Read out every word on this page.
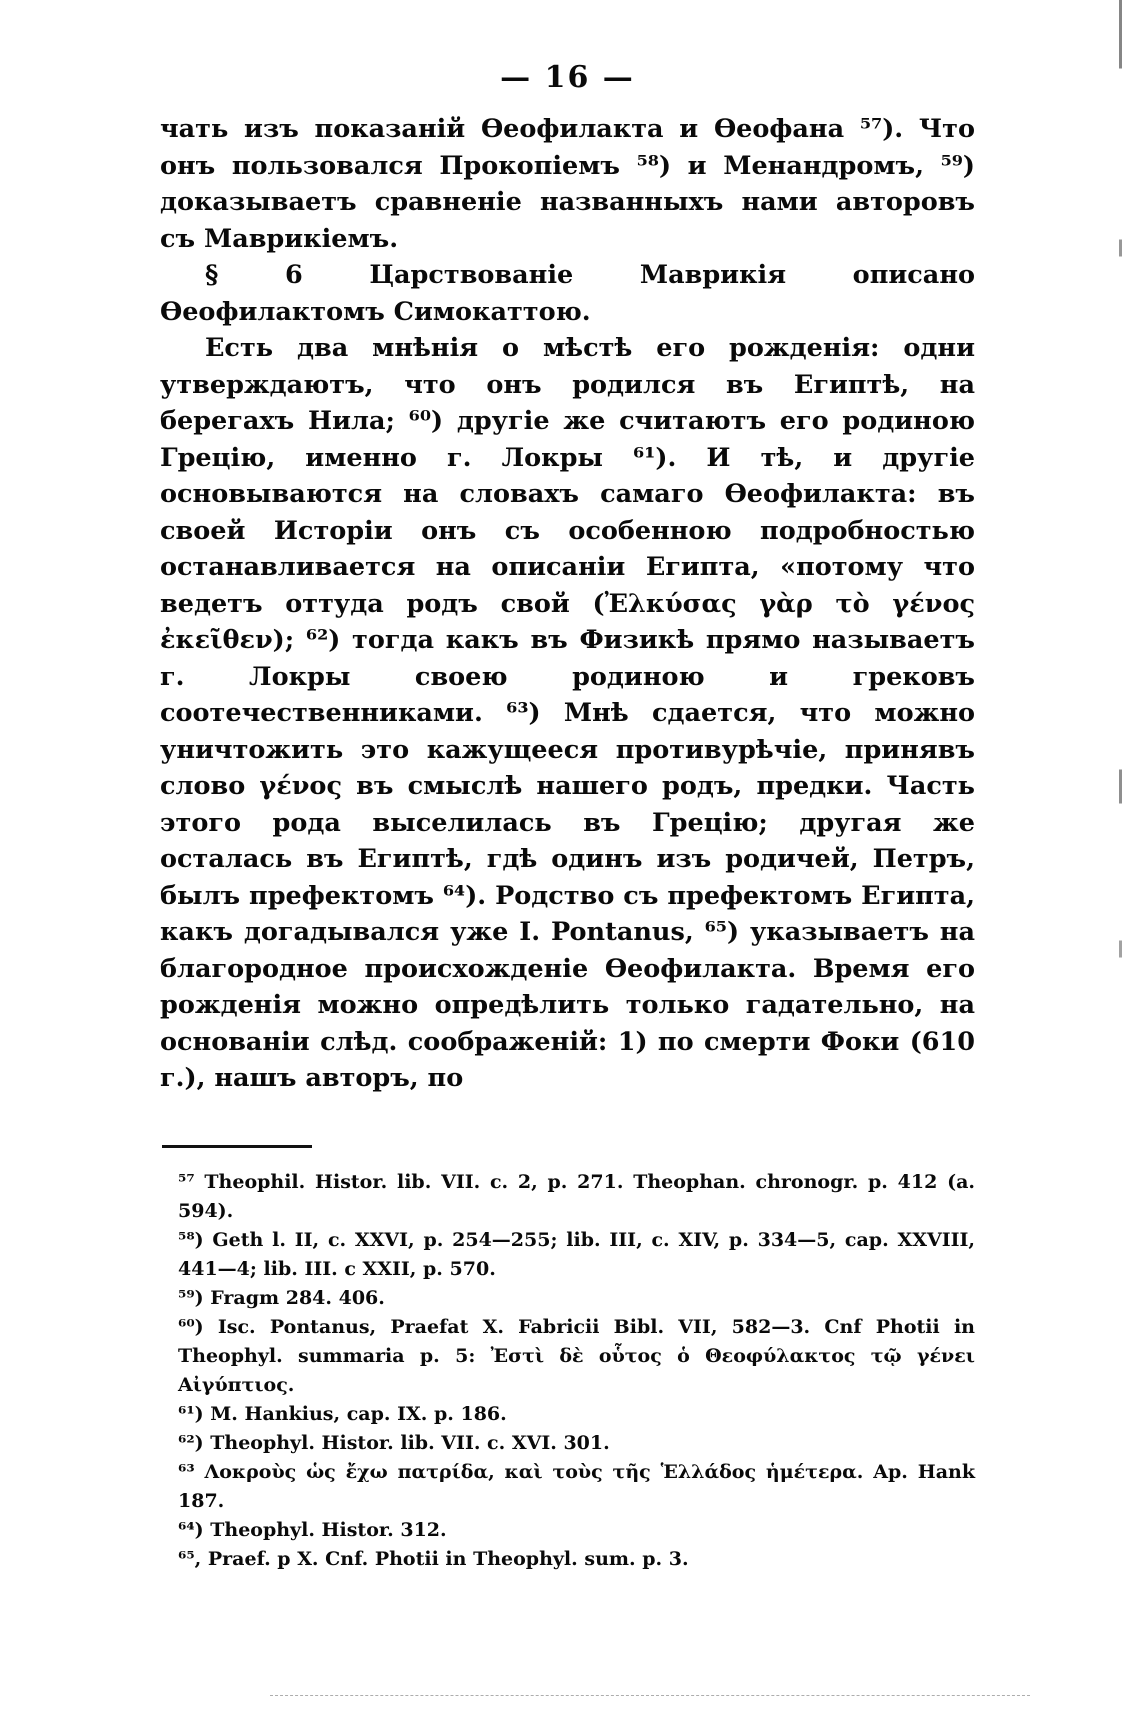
— 16 —

чать изъ показаній Ѳеофилакта и Ѳеофана ⁵⁷). Что онъ пользовался Прокопіемъ ⁵⁸) и Менандромъ, ⁵⁹) доказываетъ сравненіе названныхъ нами авторовъ съ Маврикіемъ.

§ 6 Царствованіе Маврикія описано Ѳеофилактомъ Симокаттою.

Есть два мнѣнія о мѣстѣ его рожденія: одни утверждаютъ, что онъ родился въ Египтѣ, на берегахъ Нила; ⁶⁰) другіе же считаютъ его родиною Грецію, именно г. Локры ⁶¹). И тѣ, и другіе основываются на словахъ самаго Ѳеофилакта: въ своей Исторіи онъ съ особенною подробностью останавливается на описаніи Египта, «потому что ведетъ оттуда родъ свой (Ἐλκύσας γὰρ τὸ γένος ἐκεῖθεν); ⁶²) тогда какъ въ Физикѣ прямо называетъ г. Локры своею родиною и грековъ соотечественниками. ⁶³) Мнѣ сдается, что можно уничтожить это кажущееся противурѣчіе, принявъ слово γένος въ смыслѣ нашего родъ, предки. Часть этого рода выселилась въ Грецію; другая же осталась въ Египтѣ, гдѣ одинъ изъ родичей, Петръ, былъ префектомъ ⁶⁴). Родство съ префектомъ Египта, какъ догадывался уже I. Pontanus, ⁶⁵) указываетъ на благородное происхожденіе Ѳеофилакта. Время его рожденія можно опредѣлить только гадательно, на основаніи слѣд. соображеній: 1) по смерти Фоки (610 г.), нашъ авторъ, по

⁵⁷ Theophil. Histor. lib. VII. c. 2, p. 271. Theophan. chronogr. p. 412 (a. 594).

⁵⁸) Geth l. II, c. XXVI, p. 254—255; lib. III, c. XIV, p. 334—5, cap. XXVIII, 441—4; lib. III. c XXII, p. 570.

⁵⁹) Fragm 284. 406.

⁶⁰) Isc. Pontanus, Praefat X. Fabricii Bibl. VII, 582—3. Cnf Photii in Theophyl. summaria p. 5: Ἐστὶ δὲ οὗτος ὁ Θεοφύλακτος τῷ γένει Αἰγύπτιος.

⁶¹) M. Hankius, cap. IX. p. 186.

⁶²) Theophyl. Histor. lib. VII. c. XVI. 301.

⁶³ Λοκροὺς ὡς ἔχω πατρίδα, καὶ τοὺς τῆς Ἑλλάδος ἡμέτερα. Ap. Hank 187.

⁶⁴) Theophyl. Histor. 312.

⁶⁵, Praef. p X. Cnf. Photii in Theophyl. sum. p. 3.
